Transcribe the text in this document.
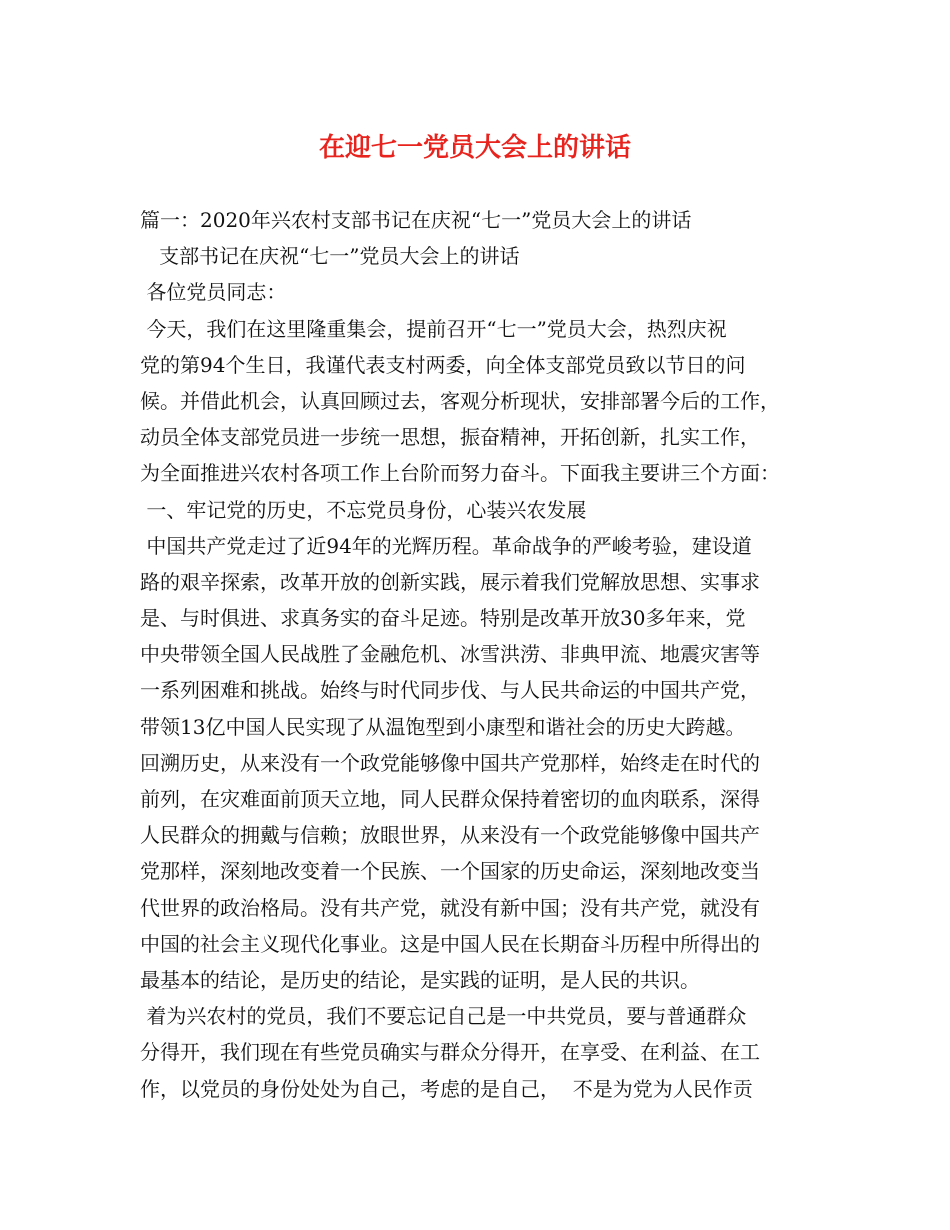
在迎七一党员大会上的讲话
篇一：2020年兴农村支部书记在庆祝“七一”党员大会上的讲话
支部书记在庆祝“七一”党员大会上的讲话
各位党员同志：
今天，我们在这里隆重集会，提前召开“七一”党员大会，热烈庆祝
党的第94个生日，我谨代表支村两委，向全体支部党员致以节日的问
候。并借此机会，认真回顾过去，客观分析现状，安排部署今后的工作，
动员全体支部党员进一步统一思想，振奋精神，开拓创新，扎实工作，
为全面推进兴农村各项工作上台阶而努力奋斗。下面我主要讲三个方面：
一、牢记党的历史，不忘党员身份，心装兴农发展
中国共产党走过了近94年的光辉历程。革命战争的严峻考验，建设道
路的艰辛探索，改革开放的创新实践，展示着我们党解放思想、实事求
是、与时俱进、求真务实的奋斗足迹。特别是改革开放30多年来，党
中央带领全国人民战胜了金融危机、冰雪洪涝、非典甲流、地震灾害等
一系列困难和挑战。始终与时代同步伐、与人民共命运的中国共产党，
带领13亿中国人民实现了从温饱型到小康型和谐社会的历史大跨越。
回溯历史，从来没有一个政党能够像中国共产党那样，始终走在时代的
前列，在灾难面前顶天立地，同人民群众保持着密切的血肉联系，深得
人民群众的拥戴与信赖；放眼世界，从来没有一个政党能够像中国共产
党那样，深刻地改变着一个民族、一个国家的历史命运，深刻地改变当
代世界的政治格局。没有共产党，就没有新中国；没有共产党，就没有
中国的社会主义现代化事业。这是中国人民在长期奋斗历程中所得出的
最基本的结论，是历史的结论，是实践的证明，是人民的共识。
着为兴农村的党员，我们不要忘记自己是一中共党员，要与普通群众
分得开，我们现在有些党员确实与群众分得开，在享受、在利益、在工
作，以党员的身份处处为自己，考虑的是自己，  不是为党为人民作贡
